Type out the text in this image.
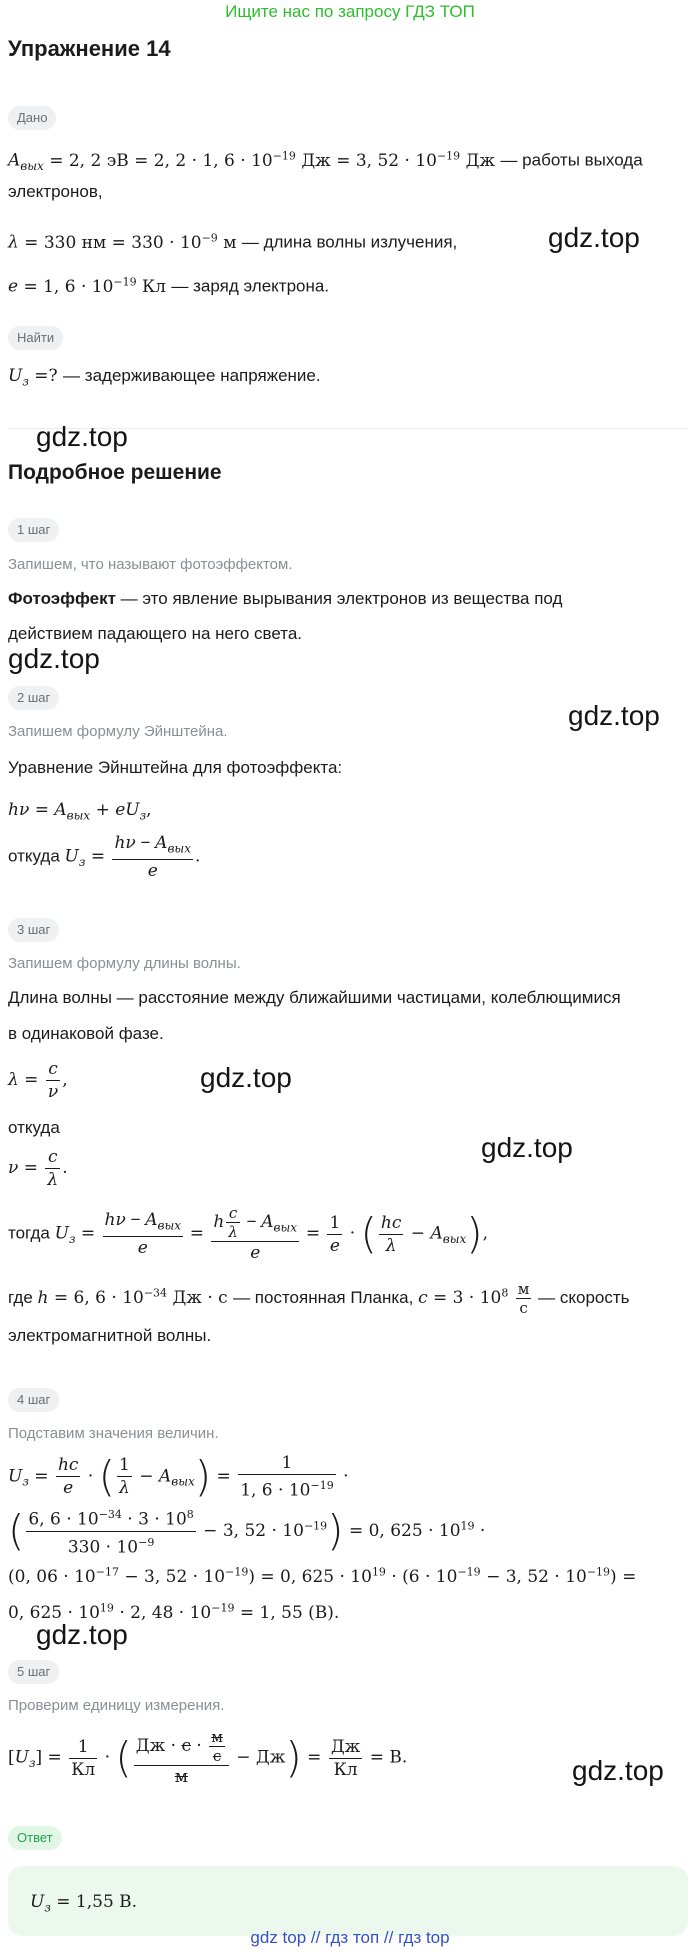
Ищите нас по запросу ГДЗ ТОП
Упражнение 14
Дано
$A_{вых} = 2$, 2 эВ = 2, 2 · 1, $6 \cdot 10^{-19}$ Дж = 3, $52 \cdot 10^{-19}$ Дж — работы выхода
электронов,
λ = 330 нм = $330 \cdot 10^{-9}$ м — длина волны излучения,
e = 1, $6 \cdot 10^{-19}$ Кл — заряд электрона.
Найти
$U_з$ =? — задерживающее напряжение.
Подробное решение
1 шаг
Запишем, что называют фотоэффектом.
Фотоэффект — это явление вырывания электронов из вещества под
действием падающего на него света.
2 шаг
Запишем формулу Эйнштейна.
Уравнение Эйнштейна для фотоэффекта:
$h\nu = A_{вых} + eU_з$,
откуда $U_з = \frac{h\nu - A_{вых}}{e}$ .
3 шаг
Запишем формулу длины волны.
Длина волны — расстояние между ближайшими частицами, колеблющимися
в одинаковой фазе.
$\lambda = \frac{c}{\nu}$ ,
откуда
$\nu = \frac{c}{\lambda}$ .
тогда $U_з = \frac{h\nu - A_{вых}}{e} = \frac{h \frac{c}{\lambda} - A_{вых}}{e} = \frac{1}{e}$ · ( $\frac{hc}{\lambda} - A_{вых}$),
где h = 6, $6 \cdot 10^{-34}$ Дж · с — постоянная Планка, $c = 3 \cdot 10^8 \frac{м}{с}$ — скорость
электромагнитной волны.
4 шаг
Подставим значения величин.
$U_з = \frac{hc}{e}$ · ( $\frac{1}{\lambda} - A_{вых}) = \frac{1}{1, 6 \cdot 10^{-19}}$ ·
( $\frac{6, 6 \cdot 10^{-34} \cdot 3 \cdot 10^8}{330 \cdot 10^{-9}} - 3$, $52 \cdot 10^{-19}) = 0$, $625 \cdot 10^{19}$ ·
(0, $06 \cdot 10^{-17} - 3$, $52 \cdot 10^{-19}) = 0$, $625 \cdot 10^{19} \cdot (6 \cdot 10^{-19} - 3$, $52 \cdot 10^{-19}$) =
0, $625 \cdot 10^{19} \cdot 2$, $48 \cdot 10^{-19} = 1$, 55 (В).
5 шаг
Проверим единицу измерения.
$[U_з] = \frac{1}{Кл}$ · ( $\frac{Дж \cdot с \cdot \frac{м}{с}}{м} - Дж) = \frac{Дж}{Кл} = В$.
Ответ
$U_з = 1,55$ В.
gdz.top
gdz.top
gdz.top
gdz.top
gdz.top
gdz.top
gdz.top
gdz.top
gdz top // гдз топ // гдз top
